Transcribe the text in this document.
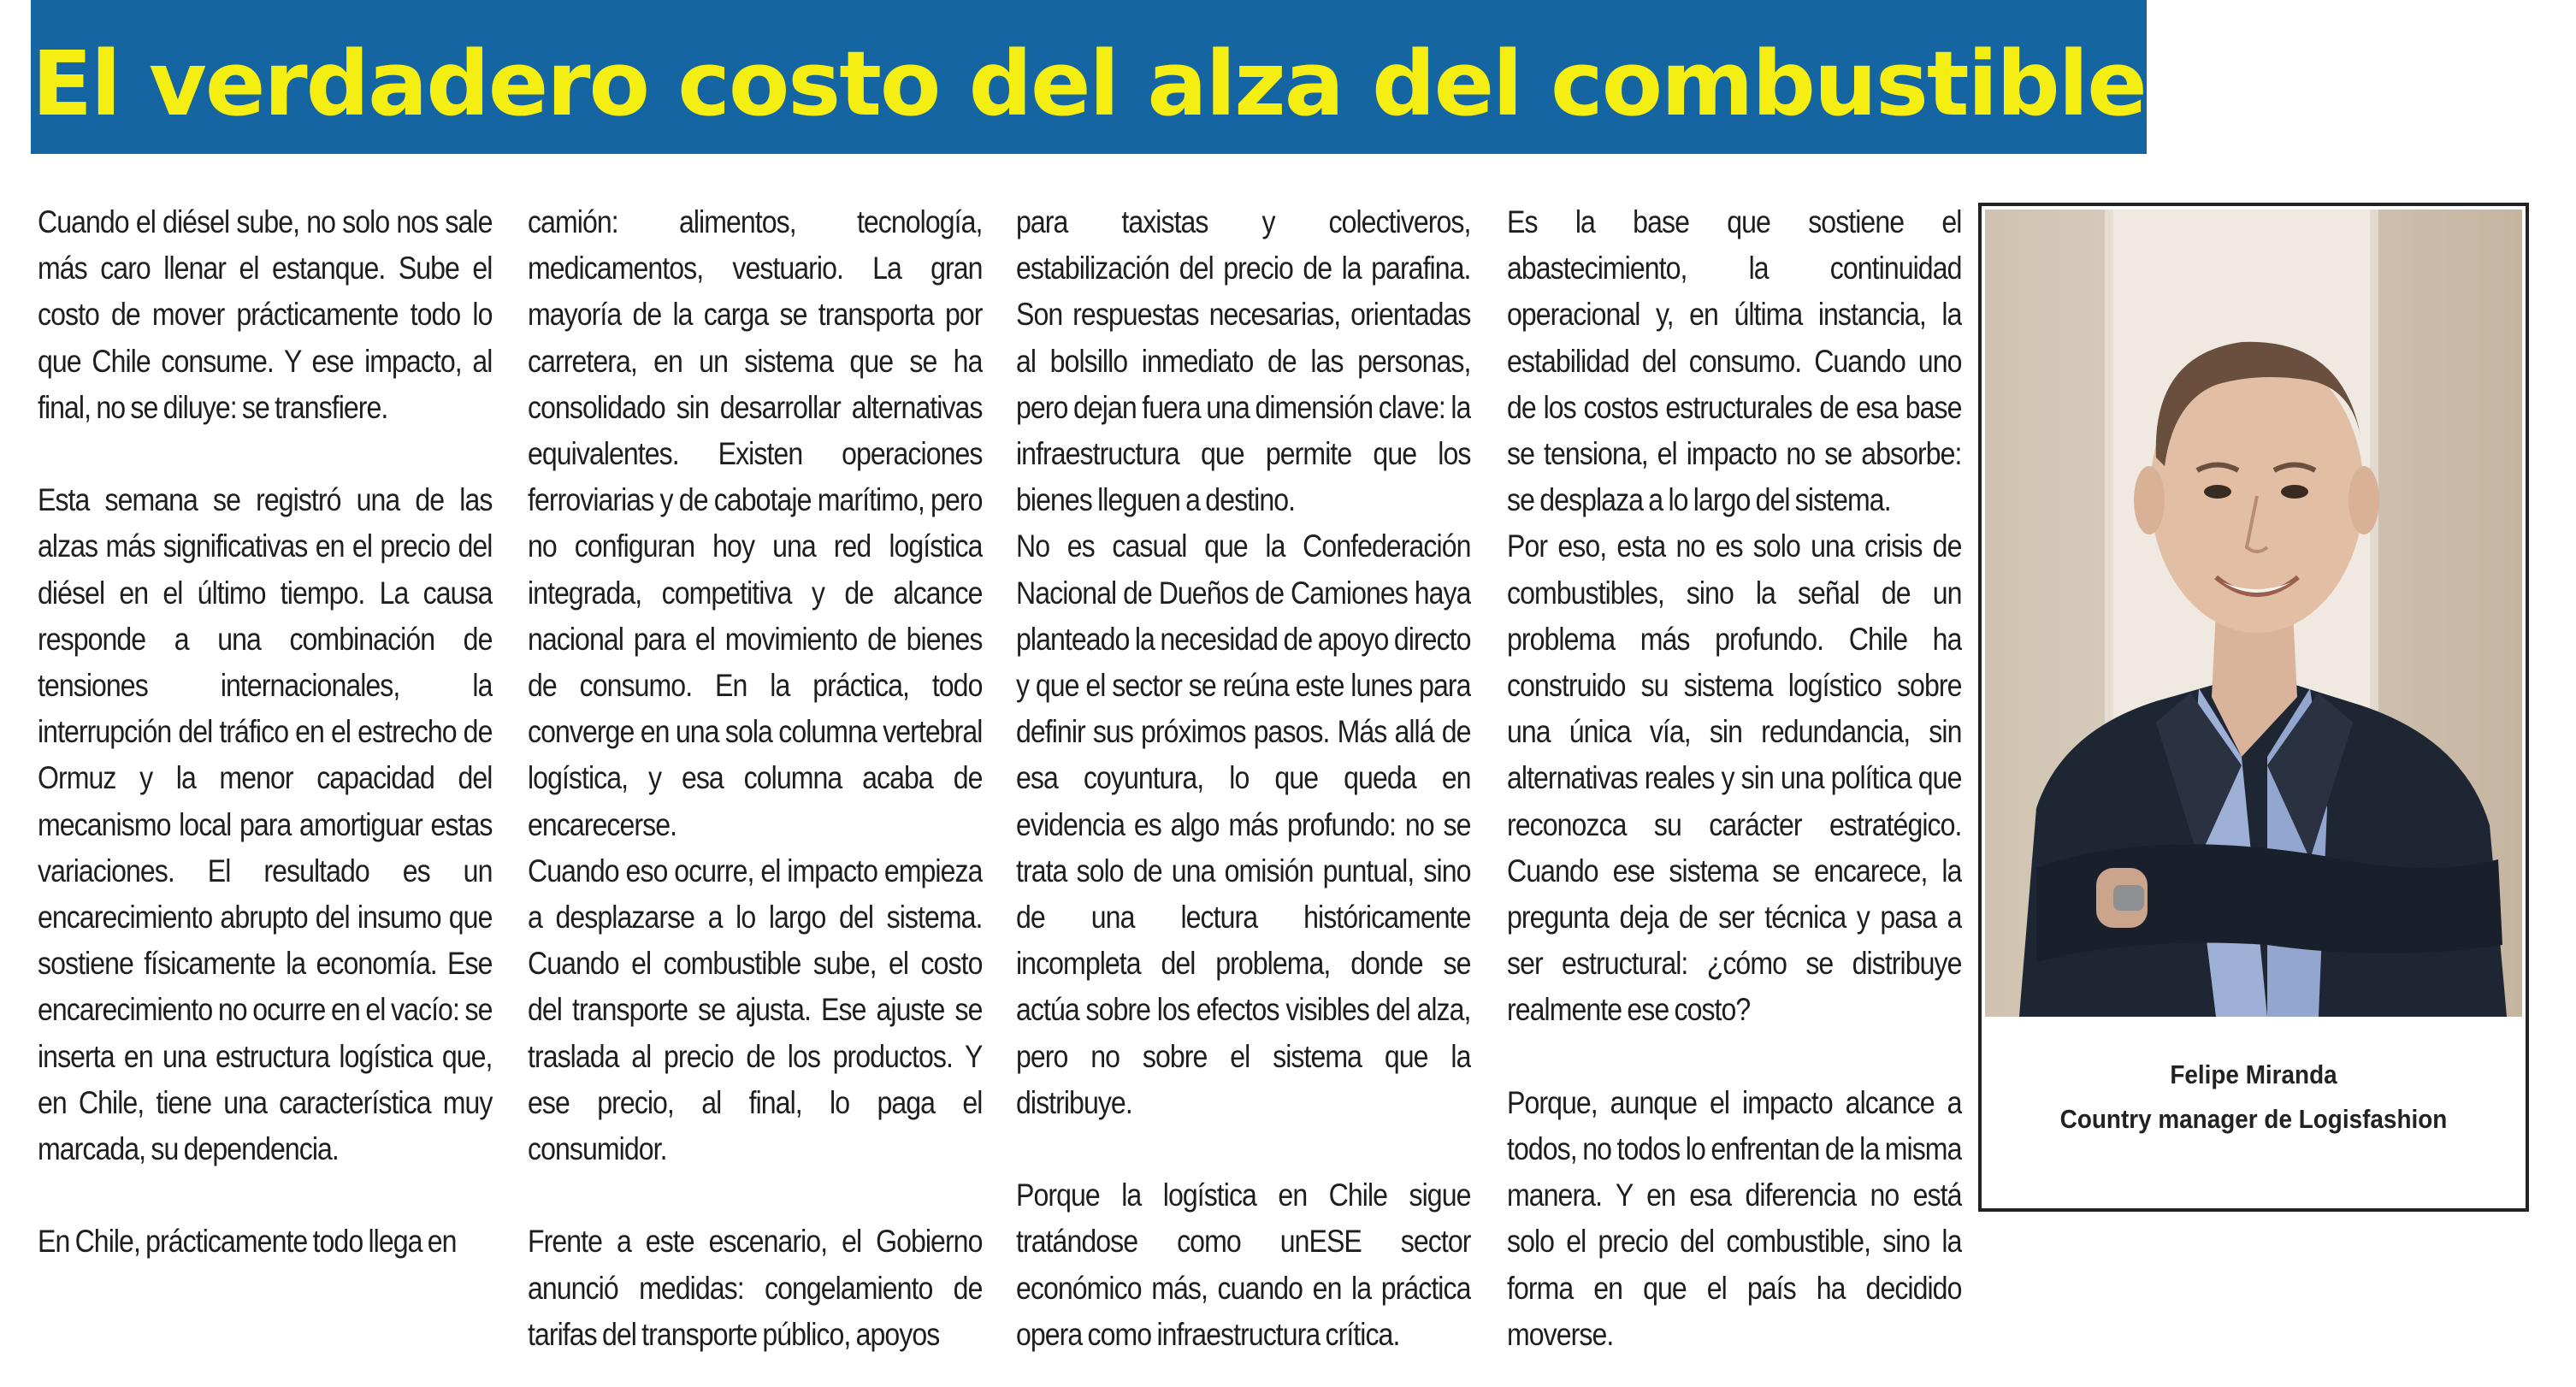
El verdadero costo del alza del combustible

Cuando el diésel sube, no solo nos sale más caro llenar el estanque. Sube el costo de mover prácticamente todo lo que Chile consume. Y ese impacto, al final, no se diluye: se transfiere.

Esta semana se registró una de las alzas más significativas en el precio del diésel en el último tiempo. La causa responde a una combinación de tensiones internacionales, la interrupción del tráfico en el estrecho de Ormuz y la menor capacidad del mecanismo local para amortiguar estas variaciones. El resultado es un encarecimiento abrupto del insumo que sostiene físicamente la economía. Ese encarecimiento no ocurre en el vacío: se inserta en una estructura logística que, en Chile, tiene una característica muy marcada, su dependencia.

En Chile, prácticamente todo llega en

camión: alimentos, tecnología, medicamentos, vestuario. La gran mayoría de la carga se transporta por carretera, en un sistema que se ha consolidado sin desarrollar alternativas equivalentes. Existen operaciones ferroviarias y de cabotaje marítimo, pero no configuran hoy una red logística integrada, competitiva y de alcance nacional para el movimiento de bienes de consumo. En la práctica, todo converge en una sola columna vertebral logística, y esa columna acaba de encarecerse.

Cuando eso ocurre, el impacto empieza a desplazarse a lo largo del sistema. Cuando el combustible sube, el costo del transporte se ajusta. Ese ajuste se traslada al precio de los productos. Y ese precio, al final, lo paga el consumidor.

Frente a este escenario, el Gobierno anunció medidas: congelamiento de tarifas del transporte público, apoyos

para taxistas y colectiveros, estabilización del precio de la parafina. Son respuestas necesarias, orientadas al bolsillo inmediato de las personas, pero dejan fuera una dimensión clave: la infraestructura que permite que los bienes lleguen a destino.

No es casual que la Confederación Nacional de Dueños de Camiones haya planteado la necesidad de apoyo directo y que el sector se reúna este lunes para definir sus próximos pasos. Más allá de esa coyuntura, lo que queda en evidencia es algo más profundo: no se trata solo de una omisión puntual, sino de una lectura históricamente incompleta del problema, donde se actúa sobre los efectos visibles del alza, pero no sobre el sistema que la distribuye.

Porque la logística en Chile sigue tratándose como unESE sector económico más, cuando en la práctica opera como infraestructura crítica.

Es la base que sostiene el abastecimiento, la continuidad operacional y, en última instancia, la estabilidad del consumo. Cuando uno de los costos estructurales de esa base se tensiona, el impacto no se absorbe: se desplaza a lo largo del sistema.

Por eso, esta no es solo una crisis de combustibles, sino la señal de un problema más profundo. Chile ha construido su sistema logístico sobre una única vía, sin redundancia, sin alternativas reales y sin una política que reconozca su carácter estratégico. Cuando ese sistema se encarece, la pregunta deja de ser técnica y pasa a ser estructural: ¿cómo se distribuye realmente ese costo?

Porque, aunque el impacto alcance a todos, no todos lo enfrentan de la misma manera. Y en esa diferencia no está solo el precio del combustible, sino la forma en que el país ha decidido moverse.

Felipe Miranda
Country manager de Logisfashion
